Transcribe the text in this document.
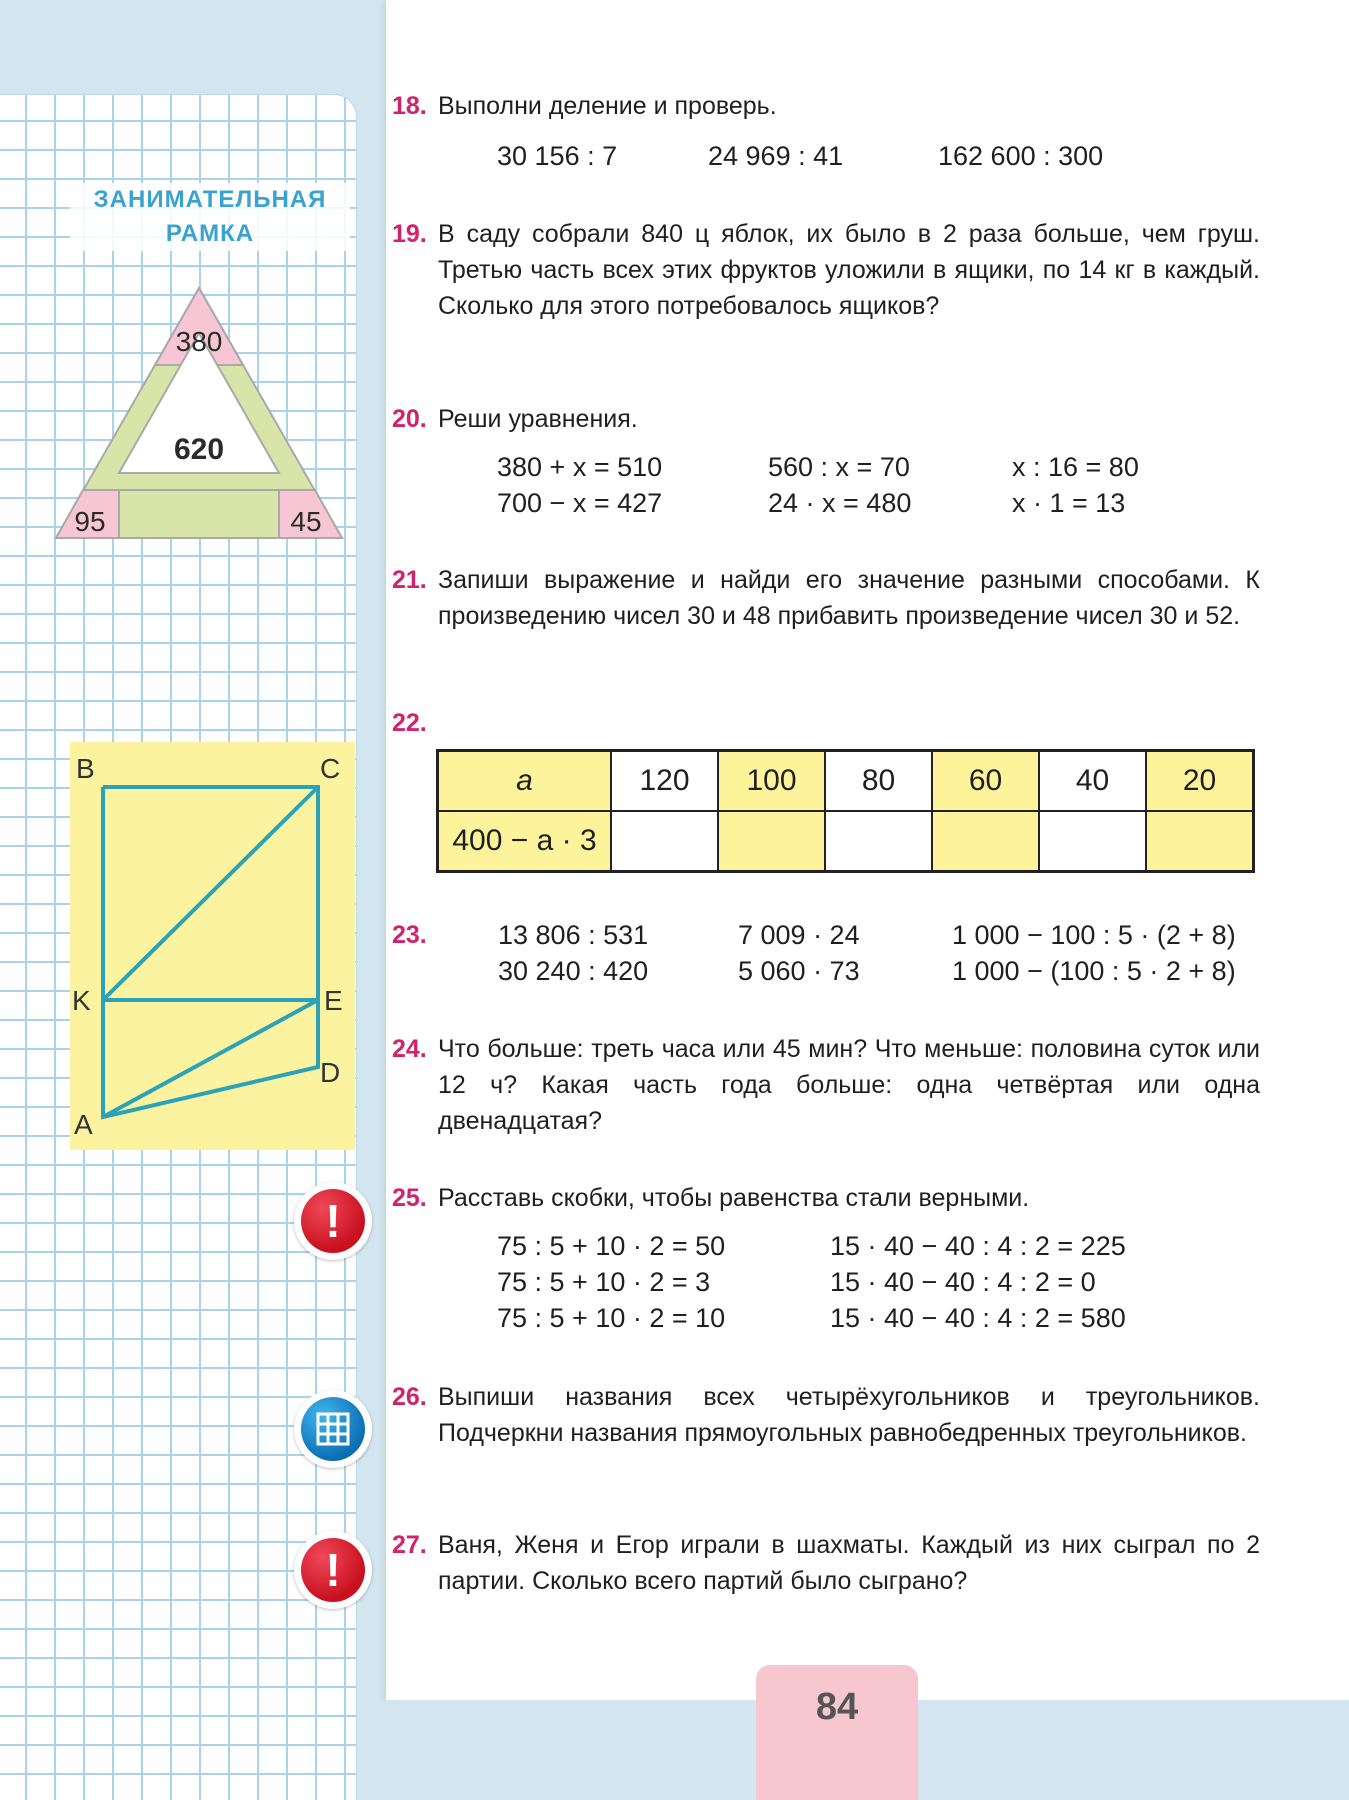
ЗАНИМАТЕЛЬНАЯ
РАМКА
380
620
95	45
B	C
K	E
D
A
!
!
18. Выполни деление и проверь.
30 156 : 7	24 969 : 41	162 600 : 300
19. В саду собрали 840 ц яблок, их было в 2 раза больше, чем груш. Третью часть всех этих фруктов уложили в ящики, по 14 кг в каждый. Сколько для этого потребовалось ящиков?
20. Реши уравнения.
380 + x = 510	560 : x = 70	x : 16 = 80
700 − x = 427	24 · x = 480	x · 1 = 13
21. Запиши выражение и найди его значение разными способами. К произведению чисел 30 и 48 прибавить произведение чисел 30 и 52.
22.
a	120	100	80	60	40	20
400 − a · 3						
23.	13 806 : 531	7 009 · 24	1 000 − 100 : 5 · (2 + 8)
30 240 : 420	5 060 · 73	1 000 − (100 : 5 · 2 + 8)
24. Что больше: треть часа или 45 мин? Что меньше: половина суток или 12 ч? Какая часть года больше: одна четвёртая или одна двенадцатая?
25. Расставь скобки, чтобы равенства стали верными.
75 : 5 + 10 · 2 = 50	15 · 40 − 40 : 4 : 2 = 225
75 : 5 + 10 · 2 = 3	15 · 40 − 40 : 4 : 2 = 0
75 : 5 + 10 · 2 = 10	15 · 40 − 40 : 4 : 2 = 580
26. Выпиши названия всех четырёхугольников и треугольников. Подчеркни названия прямоугольных равнобедренных треугольников.
27. Ваня, Женя и Егор играли в шахматы. Каждый из них сыграл по 2 партии. Сколько всего партий было сыграно?
84
